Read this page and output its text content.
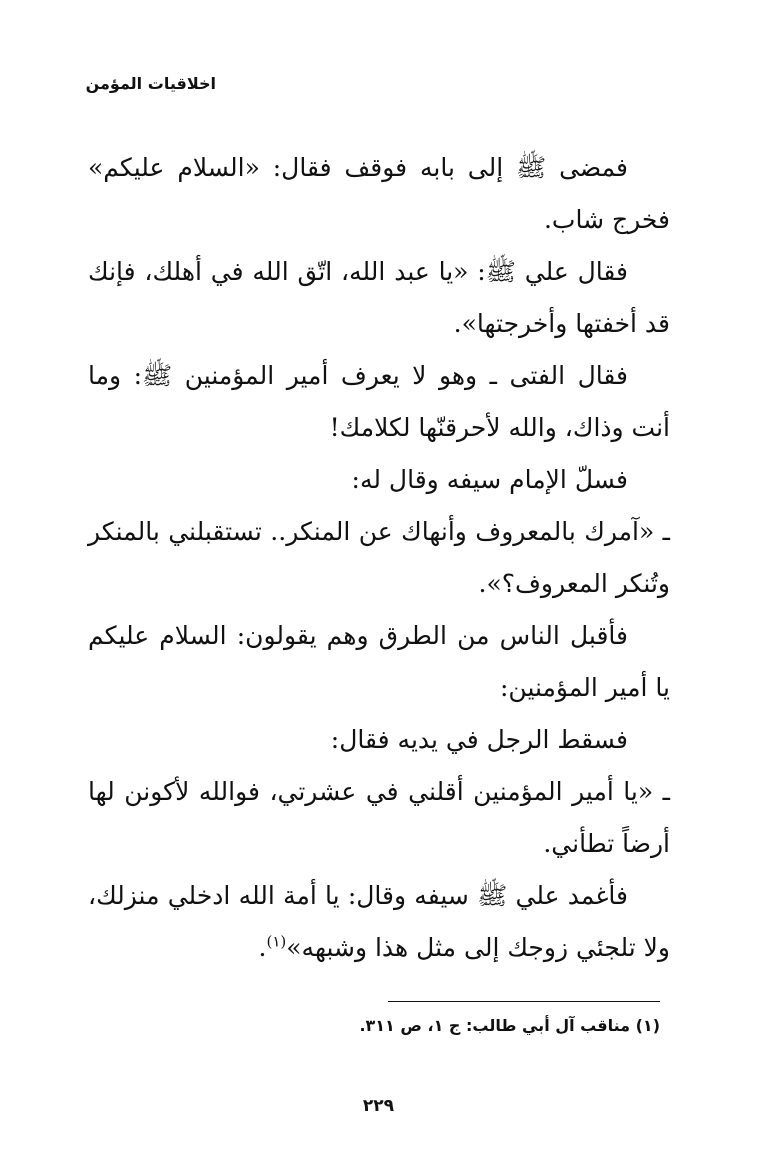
اخلاقيات المؤمن

فمضى ﷺ إلى بابه فوقف فقال: «السلام عليكم» فخرج شاب.

فقال علي ﷺ: «يا عبد الله، اتّق الله في أهلك، فإنك قد أخفتها وأخرجتها».

فقال الفتى ـ وهو لا يعرف أمير المؤمنين ﷺ: وما أنت وذاك، والله لأحرقنّها لكلامك!

فسلّ الإمام سيفه وقال له:

ـ «آمرك بالمعروف وأنهاك عن المنكر.. تستقبلني بالمنكر وتُنكر المعروف؟».

فأقبل الناس من الطرق وهم يقولون: السلام عليكم يا أمير المؤمنين:

فسقط الرجل في يديه فقال:

ـ «يا أمير المؤمنين أقلني في عشرتي، فوالله لأكونن لها أرضاً تطأني.

فأغمد علي ﷺ سيفه وقال: يا أمة الله ادخلي منزلك، ولا تلجئي زوجك إلى مثل هذا وشبهه»$^{(١)}$.

(١) مناقب آل أبي طالب: ج ١، ص ٣١١.
٢٢٩
